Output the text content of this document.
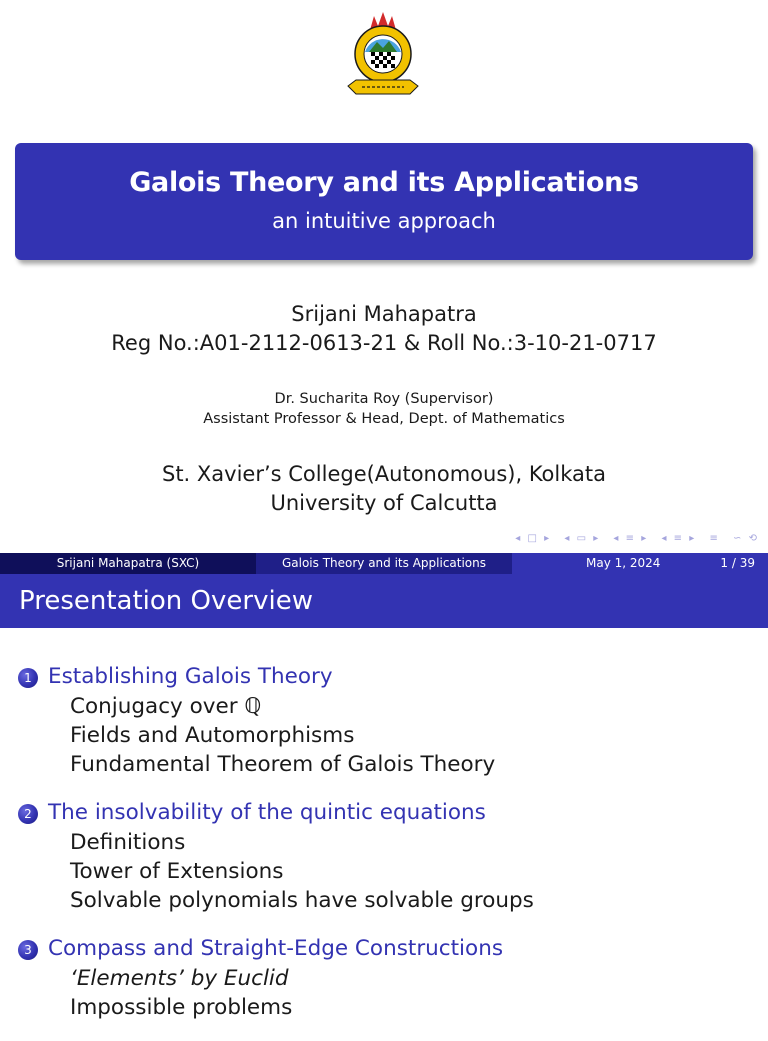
Galois Theory and its Applications
an intuitive approach
Srijani Mahapatra
Reg No.:A01-2112-0613-21 & Roll No.:3-10-21-0717
Dr. Sucharita Roy (Supervisor)
Assistant Professor & Head, Dept. of Mathematics
St. Xavier’s College(Autonomous), Kolkata
University of Calcutta
◂ □ ▸ ◂ ▭ ▸ ◂ ≡ ▸ ◂ ≡ ▸ ≡ ∽ ⟲
Srijani Mahapatra (SXC)	Galois Theory and its Applications	May 1, 2024	1 / 39
Presentation Overview
1 Establishing Galois Theory
Conjugacy over ℚ
Fields and Automorphisms
Fundamental Theorem of Galois Theory
2 The insolvability of the quintic equations
Definitions
Tower of Extensions
Solvable polynomials have solvable groups
3 Compass and Straight-Edge Constructions
‘Elements’ by Euclid
Impossible problems
